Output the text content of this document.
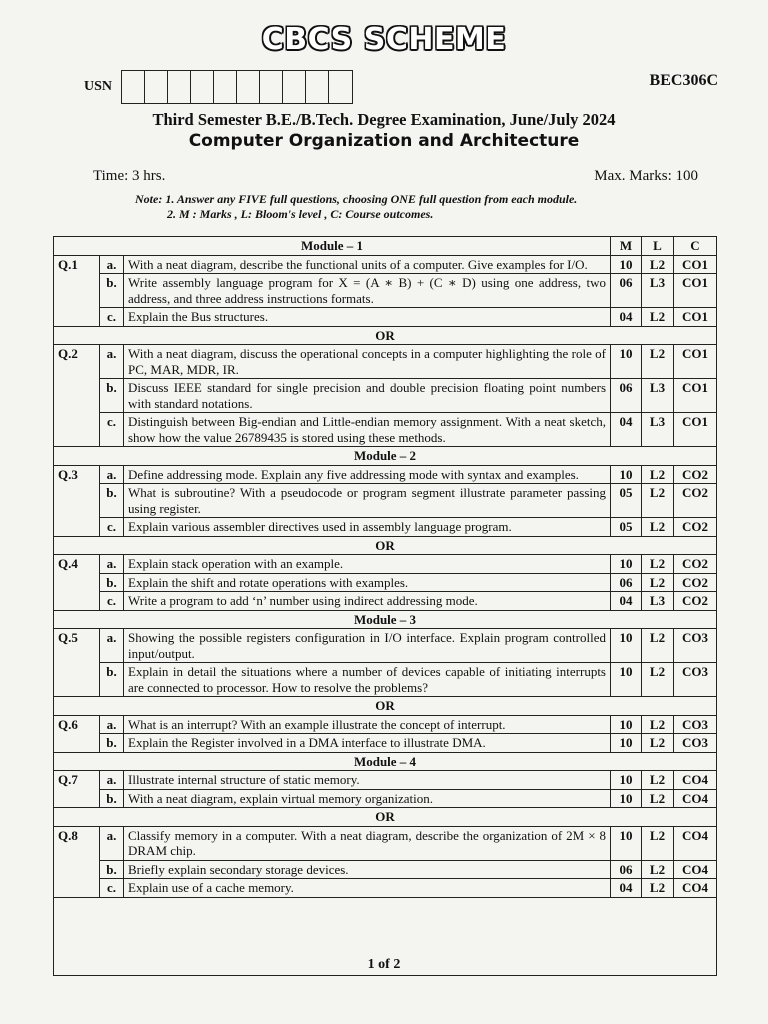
CBCS SCHEME
USN	BEC306C
Third Semester B.E./B.Tech. Degree Examination, June/July 2024
Computer Organization and Architecture
Time: 3 hrs.	Max. Marks: 100
Note: 1. Answer any FIVE full questions, choosing ONE full question from each module.
2. M : Marks , L: Bloom's level , C: Course outcomes.
Module – 1			M	L	C
Q.1	a.	With a neat diagram, describe the functional units of a computer. Give examples for I/O.	10	L2	CO1
	b.	Write assembly language program for X = (A ∗ B) + (C ∗ D) using one address, two address, and three address instructions formats.	06	L3	CO1
	c.	Explain the Bus structures.	04	L2	CO1
OR					
Q.2	a.	With a neat diagram, discuss the operational concepts in a computer highlighting the role of PC, MAR, MDR, IR.	10	L2	CO1
	b.	Discuss IEEE standard for single precision and double precision floating point numbers with standard notations.	06	L3	CO1
	c.	Distinguish between Big-endian and Little-endian memory assignment. With a neat sketch, show how the value 26789435 is stored using these methods.	04	L3	CO1
Module – 2					
Q.3	a.	Define addressing mode. Explain any five addressing mode with syntax and examples.	10	L2	CO2
	b.	What is subroutine? With a pseudocode or program segment illustrate parameter passing using register.	05	L2	CO2
	c.	Explain various assembler directives used in assembly language program.	05	L2	CO2
OR					
Q.4	a.	Explain stack operation with an example.	10	L2	CO2
	b.	Explain the shift and rotate operations with examples.	06	L2	CO2
	c.	Write a program to add ‘n’ number using indirect addressing mode.	04	L3	CO2
Module – 3					
Q.5	a.	Showing the possible registers configuration in I/O interface. Explain program controlled input/output.	10	L2	CO3
	b.	Explain in detail the situations where a number of devices capable of initiating interrupts are connected to processor. How to resolve the problems?	10	L2	CO3
OR					
Q.6	a.	What is an interrupt? With an example illustrate the concept of interrupt.	10	L2	CO3
	b.	Explain the Register involved in a DMA interface to illustrate DMA.	10	L2	CO3
Module – 4					
Q.7	a.	Illustrate internal structure of static memory.	10	L2	CO4
	b.	With a neat diagram, explain virtual memory organization.	10	L2	CO4
OR					
Q.8	a.	Classify memory in a computer. With a neat diagram, describe the organization of 2M × 8 DRAM chip.	10	L2	CO4
	b.	Briefly explain secondary storage devices.	06	L2	CO4
	c.	Explain use of a cache memory.	04	L2	CO4
1 of 2
